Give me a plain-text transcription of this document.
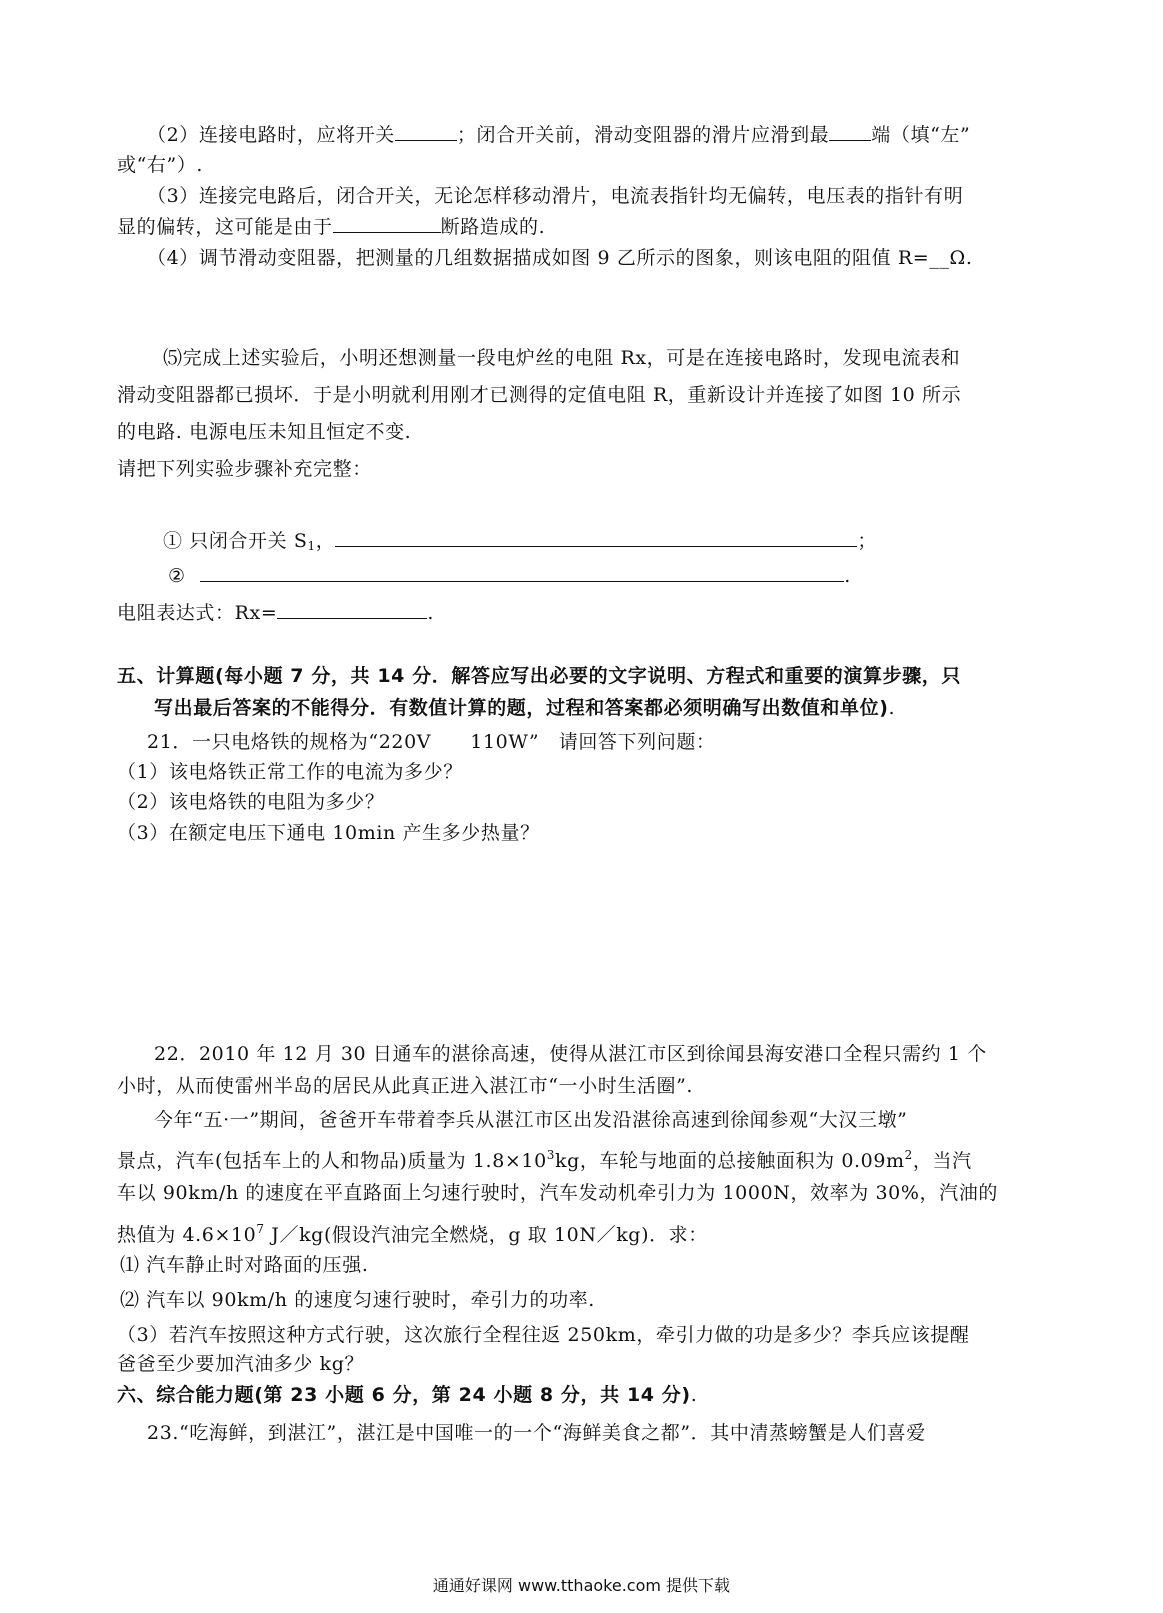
（2）连接电路时，应将开关	；闭合开关前，滑动变阻器的滑片应滑到最 端（填“左”
或“右”）.
（3）连接完电路后，闭合开关，无论怎样移动滑片，电流表指针均无偏转，电压表的指针有明
显的偏转，这可能是由于	断路造成的.
（4）调节滑动变阻器，把测量的几组数据描成如图 9 乙所示的图象，则该电阻的阻值 R=__Ω.
⑸完成上述实验后，小明还想测量一段电炉丝的电阻 Rx，可是在连接电路时，发现电流表和
滑动变阻器都已损坏．于是小明就利用刚才已测得的定值电阻 R，重新设计并连接了如图 10 所示
的电路. 电源电压未知且恒定不变.
请把下列实验步骤补充完整：
① 只闭合开关 $S_1$，	；
②	.
电阻表达式：Rx=	.
五、计算题(每小题 7 分，共 14 分．解答应写出必要的文字说明、方程式和重要的演算步骤，只
写出最后答案的不能得分．有数值计算的题，过程和答案都必须明确写出数值和单位).
21．一只电烙铁的规格为“220V　　110W”　请回答下列问题：
（1）该电烙铁正常工作的电流为多少？
（2）该电烙铁的电阻为多少？
（3）在额定电压下通电 10min 产生多少热量？
22．2010 年 12 月 30 日通车的湛徐高速，使得从湛江市区到徐闻县海安港口全程只需约 1 个
小时，从而使雷州半岛的居民从此真正进入湛江市“一小时生活圈”.
今年“五·一”期间，爸爸开车带着李兵从湛江市区出发沿湛徐高速到徐闻参观“大汉三墩”
景点，汽车(包括车上的人和物品)质量为 $1.8\times 10^3kg$，车轮与地面的总接触面积为 $0.09m^2$，当汽
车以 90km/h 的速度在平直路面上匀速行驶时，汽车发动机牵引力为 1000N，效率为 30%，汽油的
热值为 $4.6\times 10^7$ J／kg(假设汽油完全燃烧，g 取 10N／kg)．求：
⑴ 汽车静止时对路面的压强.
⑵ 汽车以 90km/h 的速度匀速行驶时，牵引力的功率.
（3）若汽车按照这种方式行驶，这次旅行全程往返 250km，牵引力做的功是多少？李兵应该提醒
爸爸至少要加汽油多少 kg？
六、综合能力题(第 23 小题 6 分，第 24 小题 8 分，共 14 分).
23.“吃海鲜，到湛江”，湛江是中国唯一的一个“海鲜美食之都”．其中清蒸螃蟹是人们喜爱
通通好课网 www.tthaoke.com 提供下载
